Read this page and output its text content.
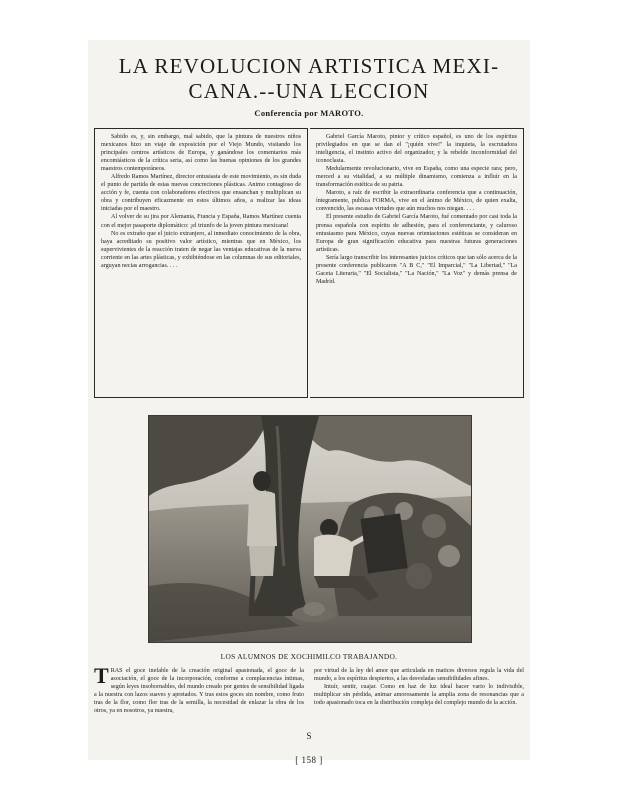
LA REVOLUCION ARTISTICA MEXI-
CANA.--UNA LECCION
Conferencia por MAROTO.

Sabido es, y, sin embargo, mal sabido, que la pintura de nuestros niños mexicanos hizo un viaje de exposición por el Viejo Mundo, visitando los principales centros artísticos de Europa, y ganándose los comentarios más encomiásticos de la crítica seria, así como las buenas opiniones de los grandes maestros contemporáneos.

Alfredo Ramos Martínez, director entusiasta de este movimiento, es sin duda el punto de partida de estas nuevas concreciones plásticas. Animo contagioso de acción y fe, cuenta con colaboradores efectivos que ensanchan y multiplican su obra y contribuyen eficazmente en estos últimos años, a realizar las ideas iniciadas por el maestro.

Al volver de su jira por Alemania, Francia y España, Ramos Martínez cuenta con el mejor pasaporte diplomático: ¡el triunfo de la joven pintura mexicana!

No es extraño que el juicio extranjero, al inmediato conocimiento de la obra, haya acreditado su positivo valor artístico, mientras que en México, los supervivientes de la reacción traten de negar las ventajas educativas de la nueva corriente en las artes plásticas, y exhibiéndose en las columnas de sus editoriales, arguyan necias arrogancias. . . .

Gabriel García Maroto, pintor y crítico español, es uno de los espíritus privilegiados en que se dan el "¡quién vive!" la inquieta, la escrutadora inteligencia, el instinto activo del organizador, y la rebelde inconformidad del iconoclasta.

Medularmente revolucionario, vive en España, como una especie rara; pero, merced a su vitalidad, a su múltiple dinamismo, comienza a influír en la transformación estética de su patria.

Maroto, a raíz de escribir la extraordinaria conferencia que a continuación, íntegramente, publica FORMA, vive en el ánimo de México, de quien exalta, convencido, las escasas virtudes que aún muchos nos niegan. . . .

El presente estudio de Gabriel García Maroto, fué comentado por casi toda la prensa española con espíritu de adhesión, para el conferenciante, y caluroso entusiasmo para México, cuyas nuevas orientaciones estéticas se consideran en Europa de gran significación educativa para nuestras futuras generaciones artísticas.

Sería largo transcribir los interesantes juicios críticos que tan sólo acerca de la presente conferencia publicaron "A B C," "El Imparcial," "La Libertad," "La Gaceta Literaria," "El Socialista," "La Nación," "La Voz" y demás prensa de Madrid.

LOS ALUMNOS DE XOCHIMILCO TRABAJANDO.

TRAS el goce inefable de la creación original apasionada, el goce de la asociación, el goce de la incorporación, conforme a complacencias íntimas, según leyes insobornables, del mundo creado por gentes de sensibilidad ligada a la nuestra con lazos suaves y apretados. Y tras estos goces sin nombre, como fruto tras de la flor, como flor tras de la semilla, la necesidad de enlazar la obra de los otros, ya en nosotros, ya nuestra,

por virtud de la ley del amor que articulada en matices diversos regula la vida del mundo, a los espíritus despiertos, a las desveladas sensibilidades afines.

Intuír, sentir, cuajar. Como en haz de luz ideal hacer vario lo indivisible, multiplicar sin pérdida, animar amorosamente la amplia zona de resonancias que a todo apasionado toca en la distribución compleja del complejo mundo de la acción.

S
[ 158 ]
